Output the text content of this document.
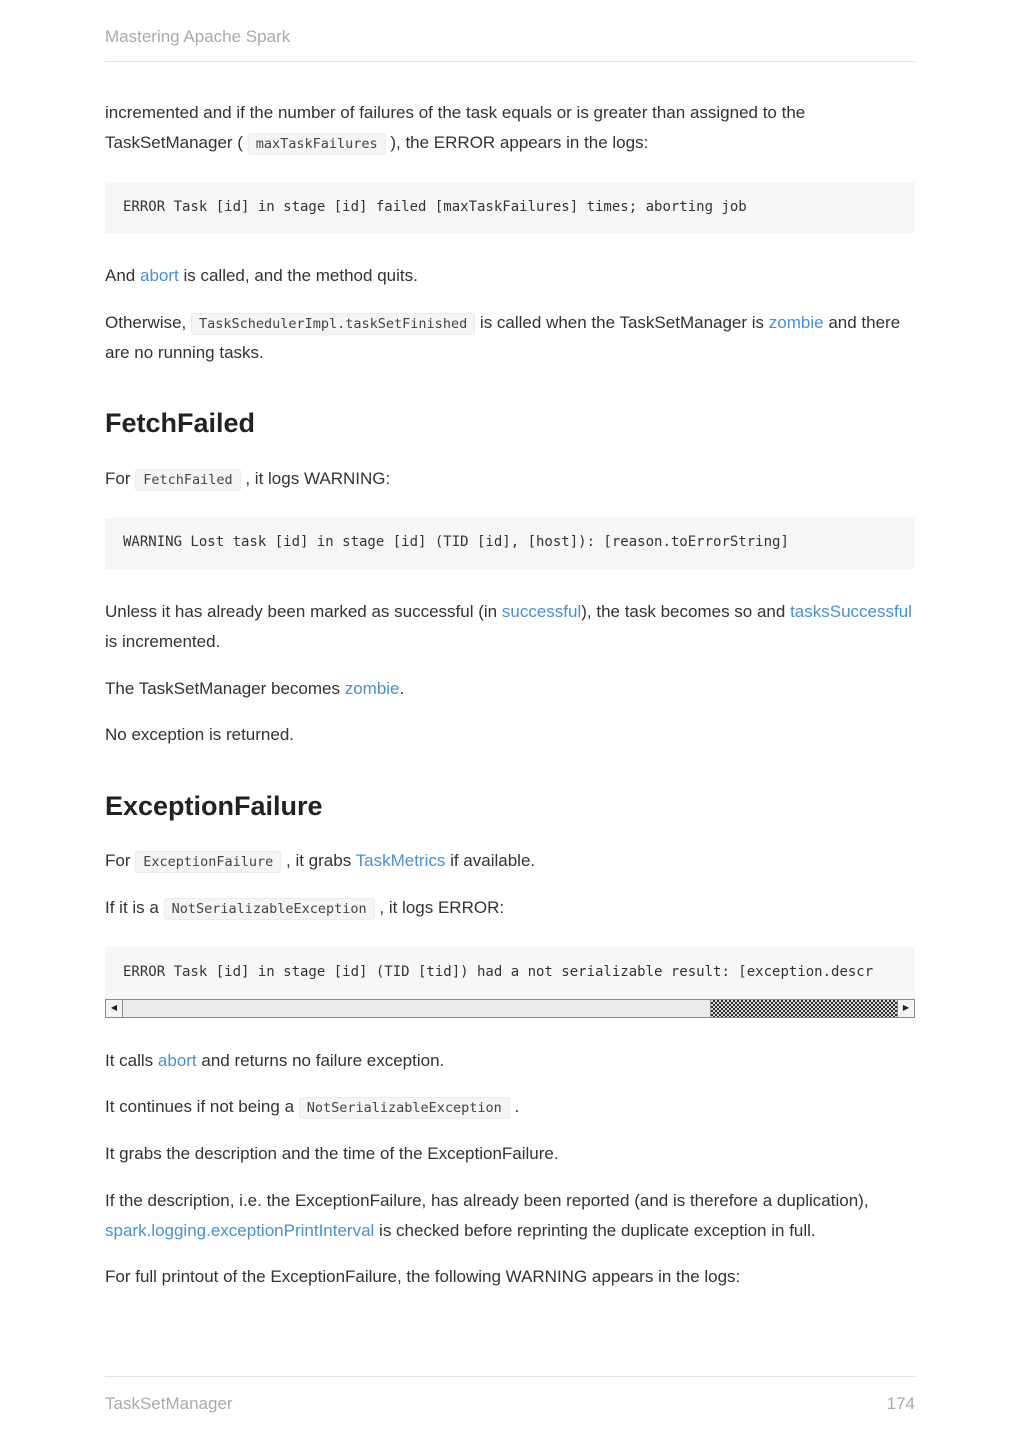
Mastering Apache Spark

incremented and if the number of failures of the task equals or is greater than assigned to the TaskSetManager ( maxTaskFailures ), the ERROR appears in the logs:

ERROR Task [id] in stage [id] failed [maxTaskFailures] times; aborting job

And abort is called, and the method quits.

Otherwise, TaskSchedulerImpl.taskSetFinished is called when the TaskSetManager is zombie and there are no running tasks.

FetchFailed

For FetchFailed , it logs WARNING:

WARNING Lost task [id] in stage [id] (TID [id], [host]): [reason.toErrorString]

Unless it has already been marked as successful (in successful), the task becomes so and tasksSuccessful is incremented.

The TaskSetManager becomes zombie.

No exception is returned.

ExceptionFailure

For ExceptionFailure , it grabs TaskMetrics if available.

If it is a NotSerializableException , it logs ERROR:

ERROR Task [id] in stage [id] (TID [tid]) had a not serializable result: [exception.descr
◀	▶

It calls abort and returns no failure exception.

It continues if not being a NotSerializableException .

It grabs the description and the time of the ExceptionFailure.

If the description, i.e. the ExceptionFailure, has already been reported (and is therefore a duplication), spark.logging.exceptionPrintInterval is checked before reprinting the duplicate exception in full.

For full printout of the ExceptionFailure, the following WARNING appears in the logs:

TaskSetManager	174
